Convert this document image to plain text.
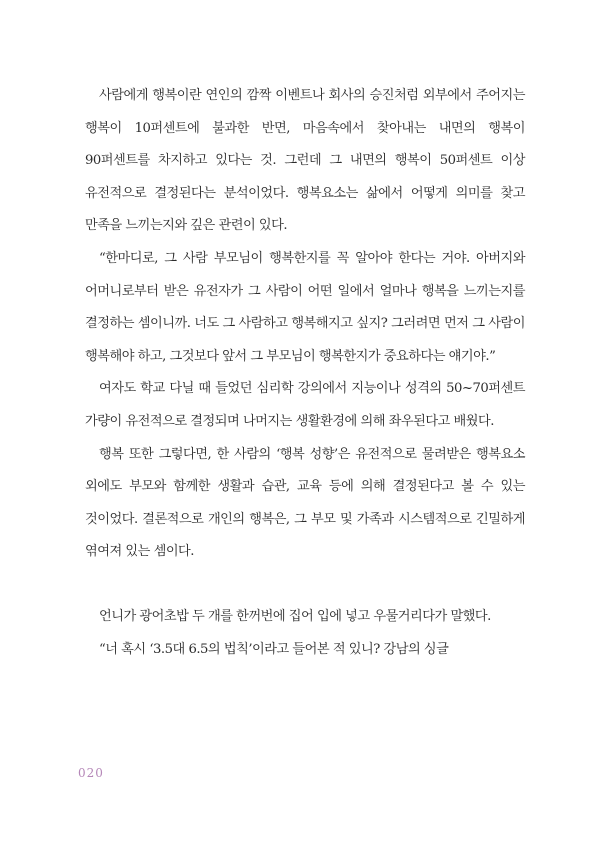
사람에게 행복이란 연인의 깜짝 이벤트나 회사의 승진처럼 외부에서 주어지는 행복이 10퍼센트에 불과한 반면, 마음속에서 찾아내는 내면의 행복이 90퍼센트를 차지하고 있다는 것. 그런데 그 내면의 행복이 50퍼센트 이상 유전적으로 결정된다는 분석이었다. 행복요소는 삶에서 어떻게 의미를 찾고 만족을 느끼는지와 깊은 관련이 있다.

“한마디로, 그 사람 부모님이 행복한지를 꼭 알아야 한다는 거야. 아버지와 어머니로부터 받은 유전자가 그 사람이 어떤 일에서 얼마나 행복을 느끼는지를 결정하는 셈이니까. 너도 그 사람하고 행복해지고 싶지? 그러려면 먼저 그 사람이 행복해야 하고, 그것보다 앞서 그 부모님이 행복한지가 중요하다는 얘기야.”

여자도 학교 다닐 때 들었던 심리학 강의에서 지능이나 성격의 50~70퍼센트 가량이 유전적으로 결정되며 나머지는 생활환경에 의해 좌우된다고 배웠다.

행복 또한 그렇다면, 한 사람의 ‘행복 성향’은 유전적으로 물려받은 행복요소 외에도 부모와 함께한 생활과 습관, 교육 등에 의해 결정된다고 볼 수 있는 것이었다. 결론적으로 개인의 행복은, 그 부모 및 가족과 시스템적으로 긴밀하게 엮여져 있는 셈이다.

언니가 광어초밥 두 개를 한꺼번에 집어 입에 넣고 우물거리다가 말했다.

“너 혹시 ‘3.5대 6.5의 법칙’이라고 들어본 적 있니? 강남의 싱글

020
